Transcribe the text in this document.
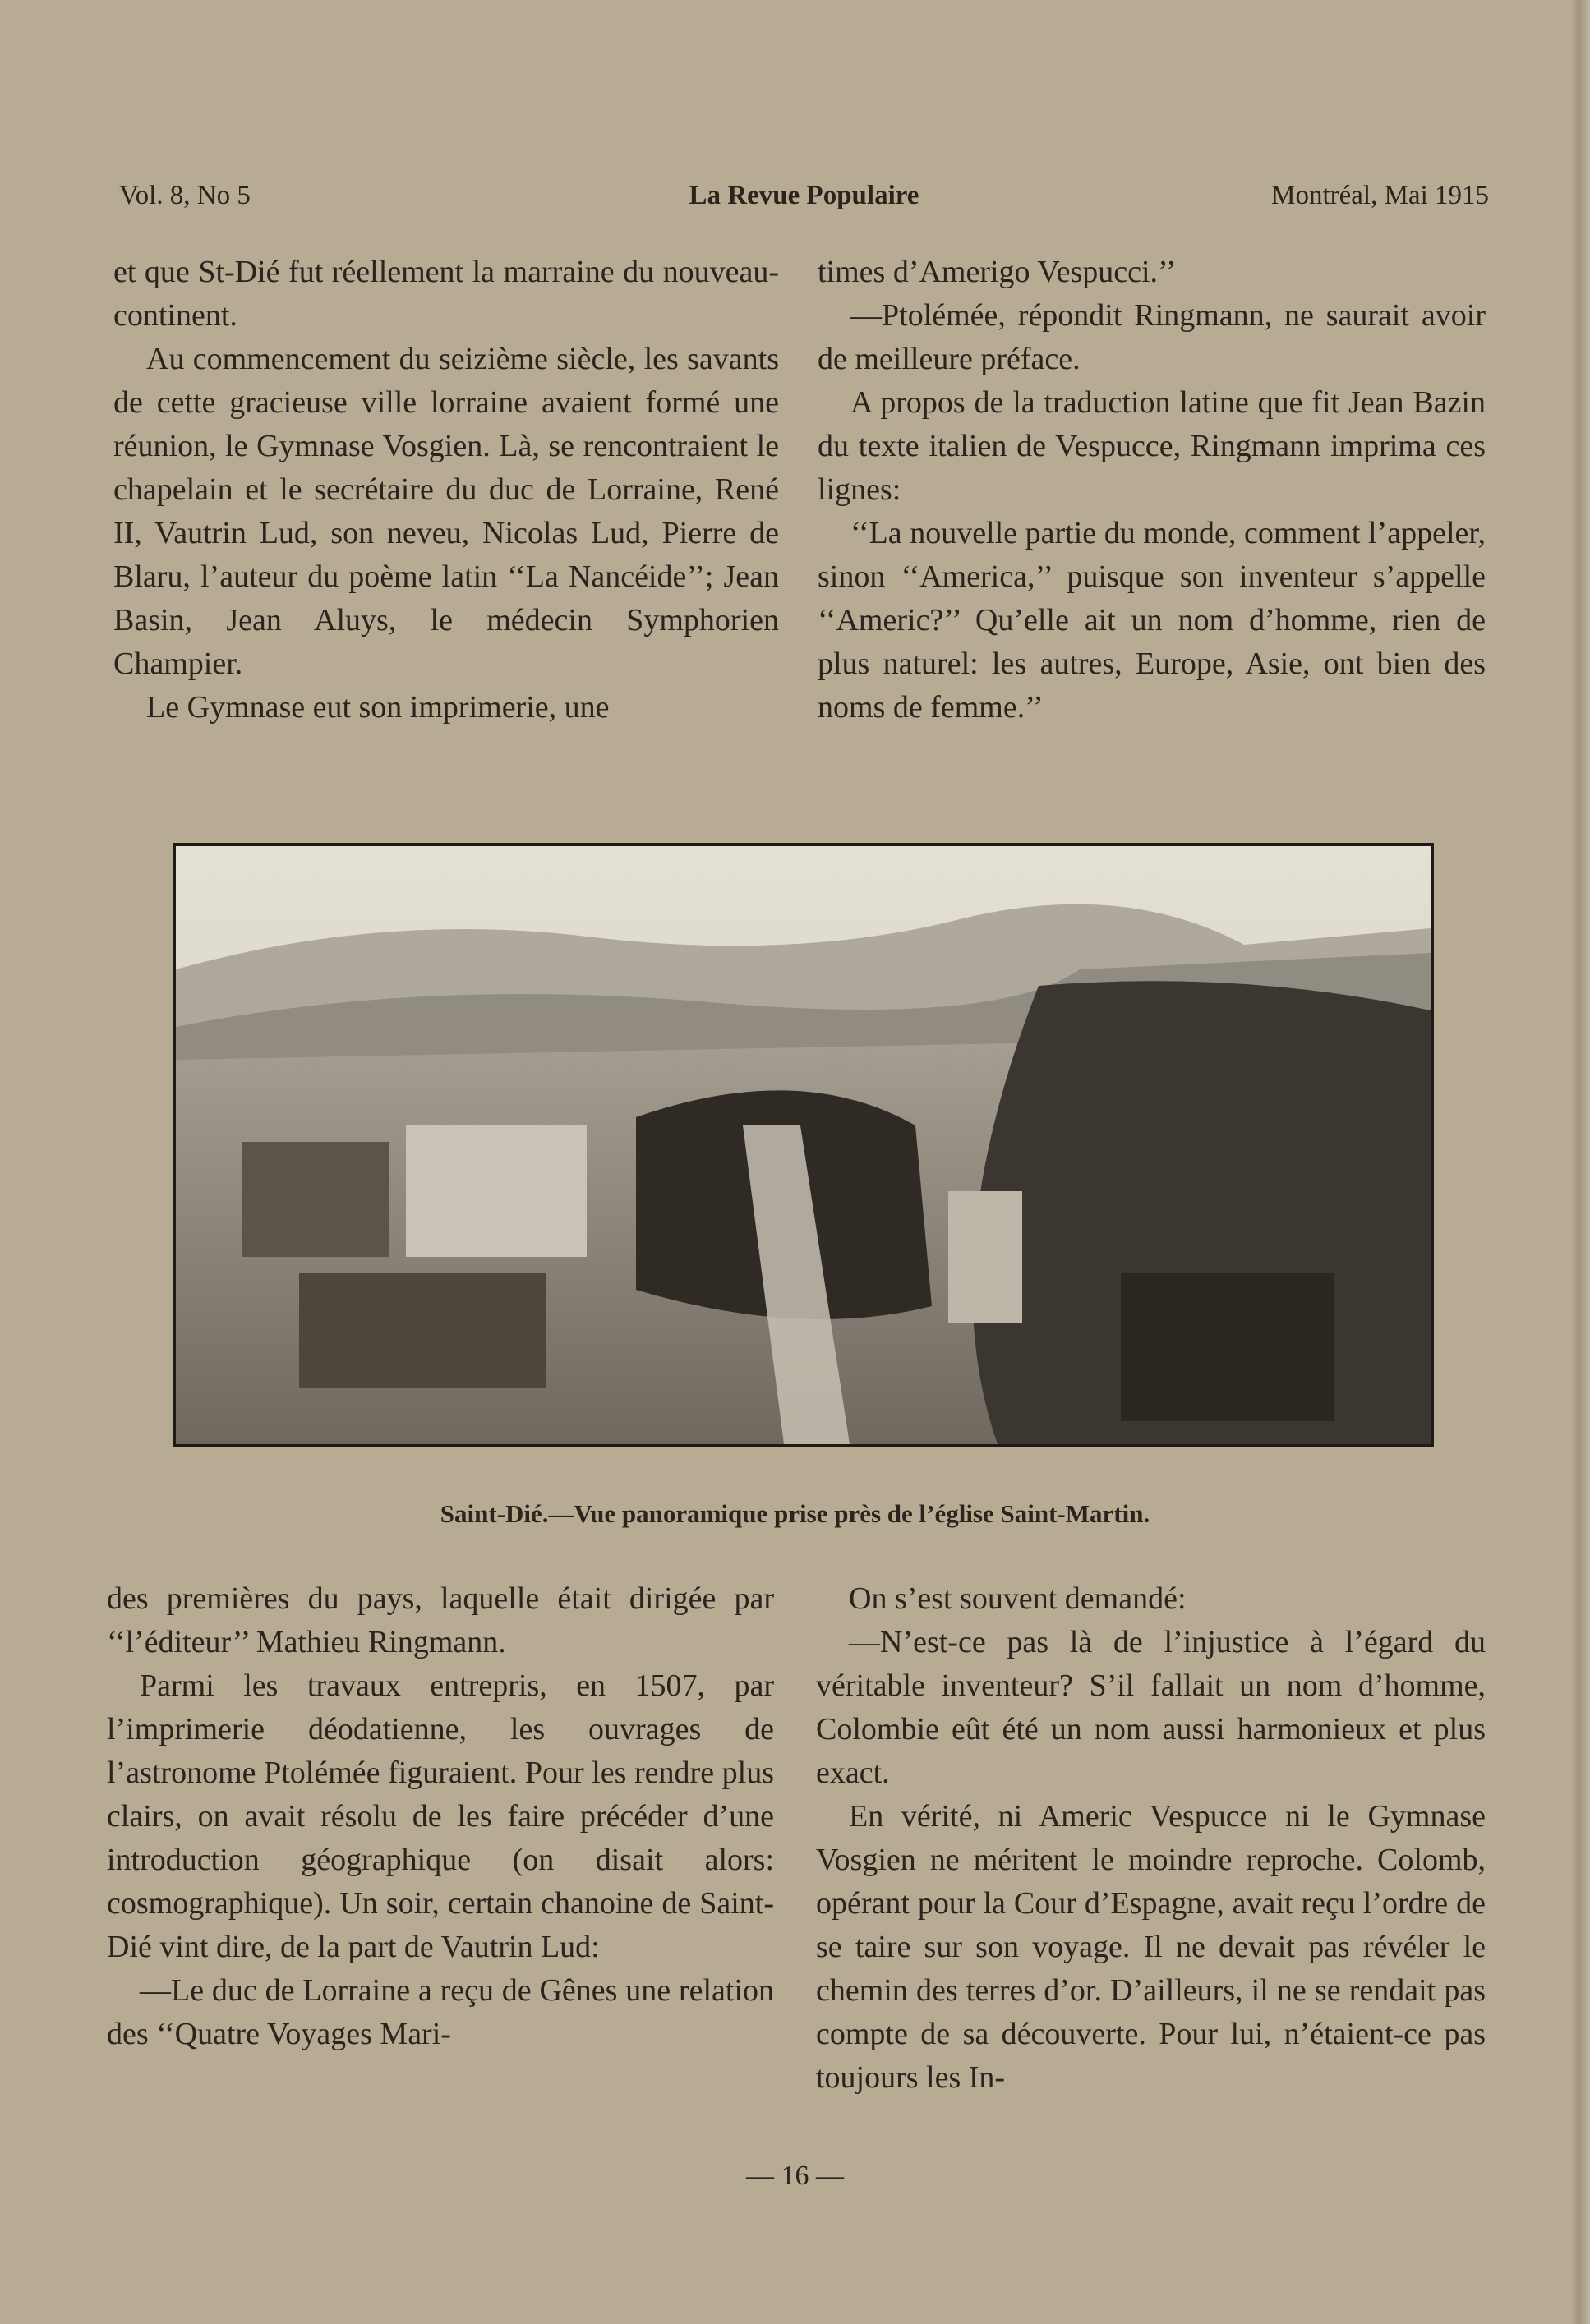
Vol. 8, No 5	La Revue Populaire	Montréal, Mai 1915

et que St-Dié fut réellement la marraine du nouveau-continent.

Au commencement du seizième siècle, les savants de cette gracieuse ville lorraine avaient formé une réunion, le Gymnase Vosgien. Là, se rencontraient le chapelain et le secrétaire du duc de Lorraine, René II, Vautrin Lud, son neveu, Nicolas Lud, Pierre de Blaru, l’auteur du poème latin ‘‘La Nancéide’’; Jean Basin, Jean Aluys, le médecin Symphorien Champier.

Le Gymnase eut son imprimerie, une

times d’Amerigo Vespucci.’’

—Ptolémée, répondit Ringmann, ne saurait avoir de meilleure préface.

A propos de la traduction latine que fit Jean Bazin du texte italien de Vespucce, Ringmann imprima ces lignes:

‘‘La nouvelle partie du monde, comment l’appeler, sinon ‘‘America,’’ puisque son inventeur s’appelle ‘‘Americ?’’ Qu’elle ait un nom d’homme, rien de plus naturel: les autres, Europe, Asie, ont bien des noms de femme.’’

Saint-Dié.—Vue panoramique prise près de l’église Saint-Martin.

des premières du pays, laquelle était dirigée par ‘‘l’éditeur’’ Mathieu Ringmann.

Parmi les travaux entrepris, en 1507, par l’imprimerie déodatienne, les ouvrages de l’astronome Ptolémée figuraient. Pour les rendre plus clairs, on avait résolu de les faire précéder d’une introduction géographique (on disait alors: cosmographique). Un soir, certain chanoine de Saint-Dié vint dire, de la part de Vautrin Lud:

—Le duc de Lorraine a reçu de Gênes une relation des ‘‘Quatre Voyages Mari-

On s’est souvent demandé:

—N’est-ce pas là de l’injustice à l’égard du véritable inventeur? S’il fallait un nom d’homme, Colombie eût été un nom aussi harmonieux et plus exact.

En vérité, ni Americ Vespucce ni le Gymnase Vosgien ne méritent le moindre reproche. Colomb, opérant pour la Cour d’Espagne, avait reçu l’ordre de se taire sur son voyage. Il ne devait pas révéler le chemin des terres d’or. D’ailleurs, il ne se rendait pas compte de sa découverte. Pour lui, n’étaient-ce pas toujours les In-

— 16 —
